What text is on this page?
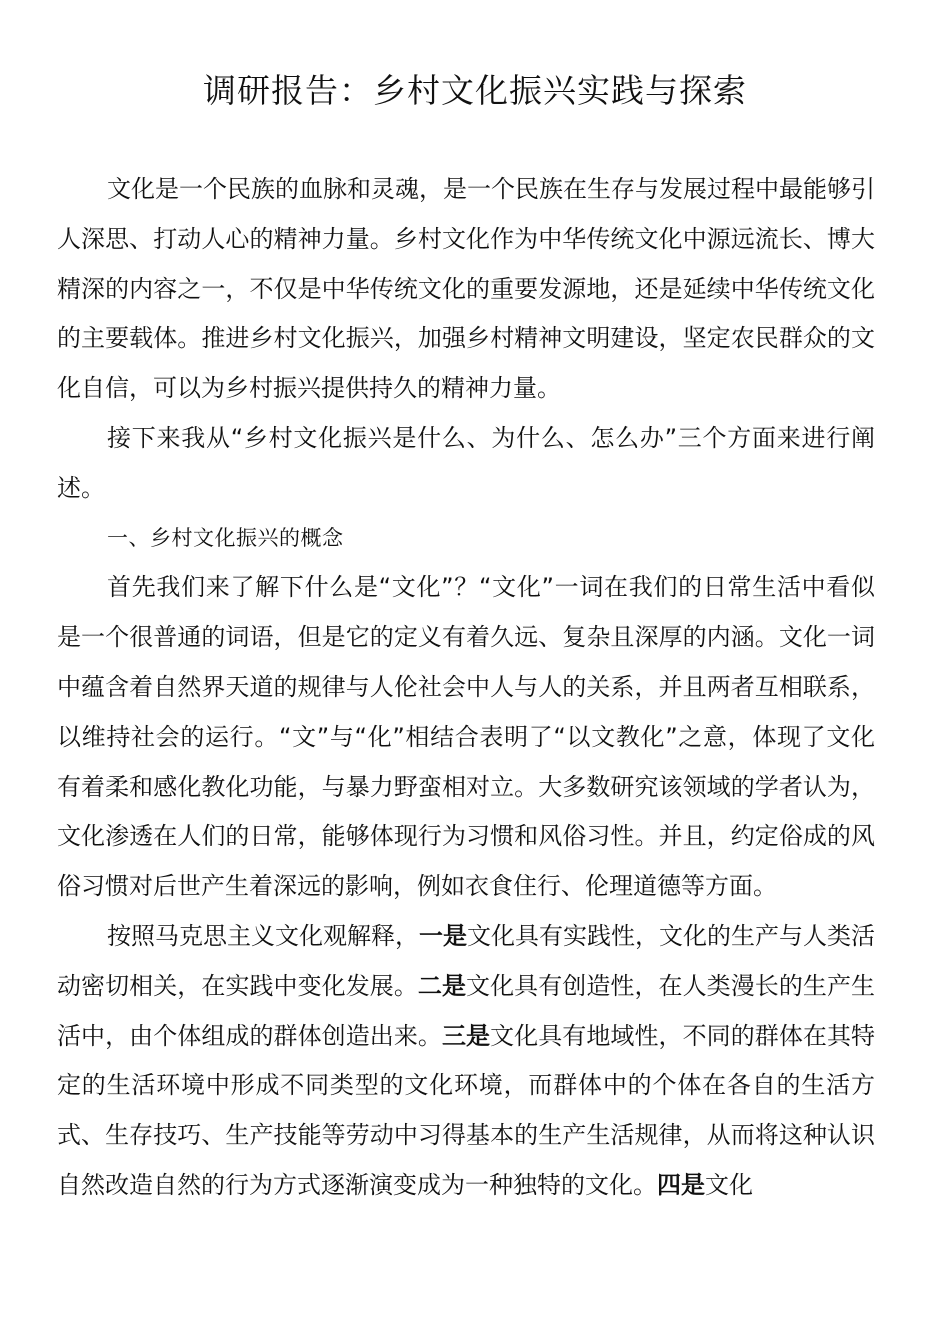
调研报告：乡村文化振兴实践与探索

文化是一个民族的血脉和灵魂，是一个民族在生存与发展过程中最能够引人深思、打动人心的精神力量。乡村文化作为中华传统文化中源远流长、博大精深的内容之一，不仅是中华传统文化的重要发源地，还是延续中华传统文化的主要载体。推进乡村文化振兴，加强乡村精神文明建设，坚定农民群众的文化自信，可以为乡村振兴提供持久的精神力量。

接下来我从“乡村文化振兴是什么、为什么、怎么办”三个方面来进行阐述。

一、乡村文化振兴的概念

首先我们来了解下什么是“文化”？“文化”一词在我们的日常生活中看似是一个很普通的词语，但是它的定义有着久远、复杂且深厚的内涵。文化一词中蕴含着自然界天道的规律与人伦社会中人与人的关系，并且两者互相联系，以维持社会的运行。“文”与“化”相结合表明了“以文教化”之意，体现了文化有着柔和感化教化功能，与暴力野蛮相对立。大多数研究该领域的学者认为，文化渗透在人们的日常，能够体现行为习惯和风俗习性。并且，约定俗成的风俗习惯对后世产生着深远的影响，例如衣食住行、伦理道德等方面。

按照马克思主义文化观解释，一是文化具有实践性，文化的生产与人类活动密切相关，在实践中变化发展。二是文化具有创造性，在人类漫长的生产生活中，由个体组成的群体创造出来。三是文化具有地域性，不同的群体在其特定的生活环境中形成不同类型的文化环境，而群体中的个体在各自的生活方式、生存技巧、生产技能等劳动中习得基本的生产生活规律，从而将这种认识自然改造自然的行为方式逐渐演变成为一种独特的文化。四是文化
